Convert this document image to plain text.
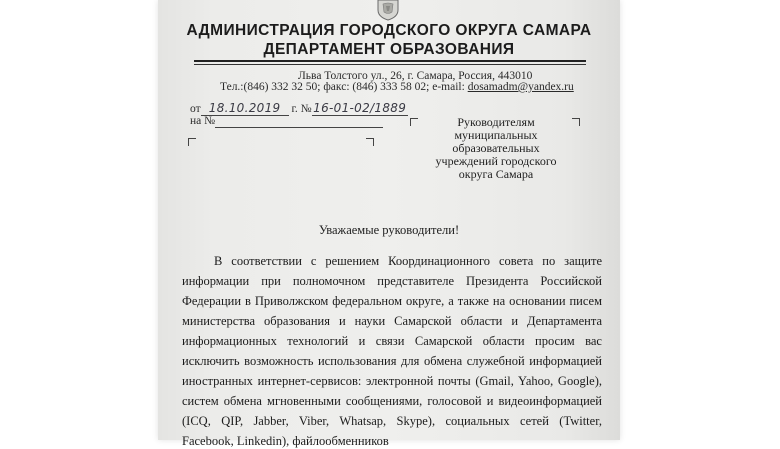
АДМИНИСТРАЦИЯ ГОРОДСКОГО ОКРУГА САМАРА
ДЕПАРТАМЕНТ ОБРАЗОВАНИЯ
Льва Толстого ул., 26, г. Самара, Россия, 443010
Тел.:(846) 332 32 50; факс: (846) 333 58 02; e-mail: dosamadm@yandex.ru
от 18.10.2019 г. № 16-01-02/1889
на №	Руководителям
муниципальных
образовательных
учреждений городского
округа Самара
Уважаемые руководители!
В соответствии с решением Координационного совета по защите
информации при полномочном представителе Президента Российской
Федерации в Приволжском федеральном округе, а также на основании писем
министерства образования и науки Самарской области и Департамента
информационных технологий и связи Самарской области просим вас
исключить возможность использования для обмена служебной информацией
иностранных интернет-сервисов: электронной почты (Gmail, Yahoo, Google),
систем обмена мгновенными сообщениями, голосовой и видеоинформацией
(ICQ, QIP, Jabber, Viber, Whatsap, Skype), социальных сетей (Twitter,
Facebook, Linkedin), файлообменников
